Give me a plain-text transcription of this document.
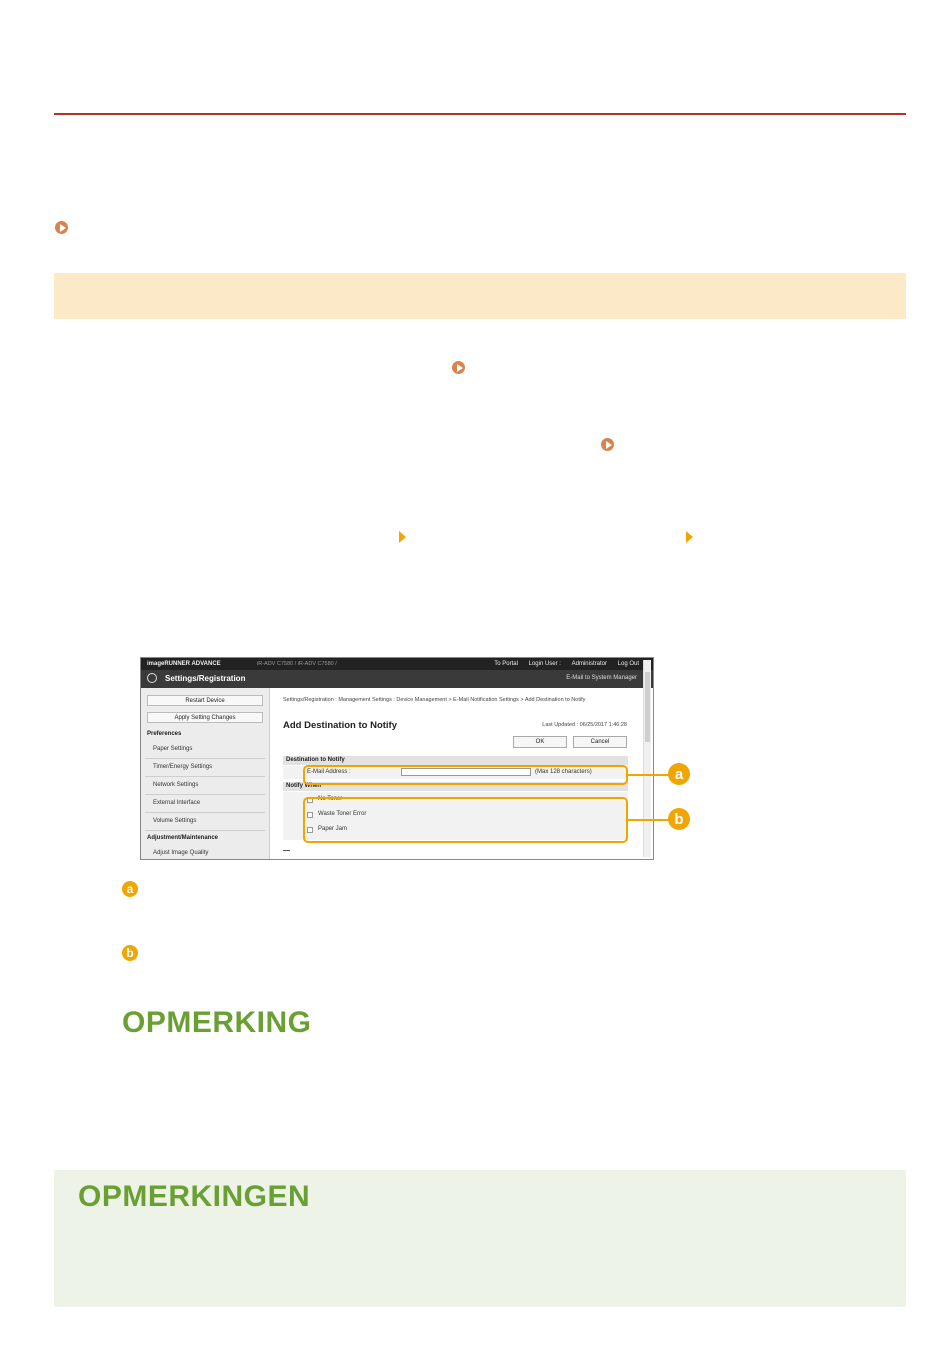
imageRUNNER ADVANCE	iR-ADV C7580 / iR-ADV C7580 /	To Portal Login User : Administrator Log Out
Settings/Registration	E-Mail to System Manager
Restart Device
Apply Setting Changes
Preferences
Paper Settings
Timer/Energy Settings
Network Settings
External Interface
Volume Settings
Adjustment/Maintenance
Adjust Image Quality
Settings/Registration : Management Settings : Device Management > E-Mail Notification Settings > Add Destination to Notify
Add Destination to Notify	Last Updated : 06/25/2017 1:46:28
OK	Cancel
Destination to Notify
E-Mail Address :	(Max 128 characters)
Notify When
No Toner
Waste Toner Error
Paper Jam
a
b
a
b
OPMERKING
OPMERKINGEN
